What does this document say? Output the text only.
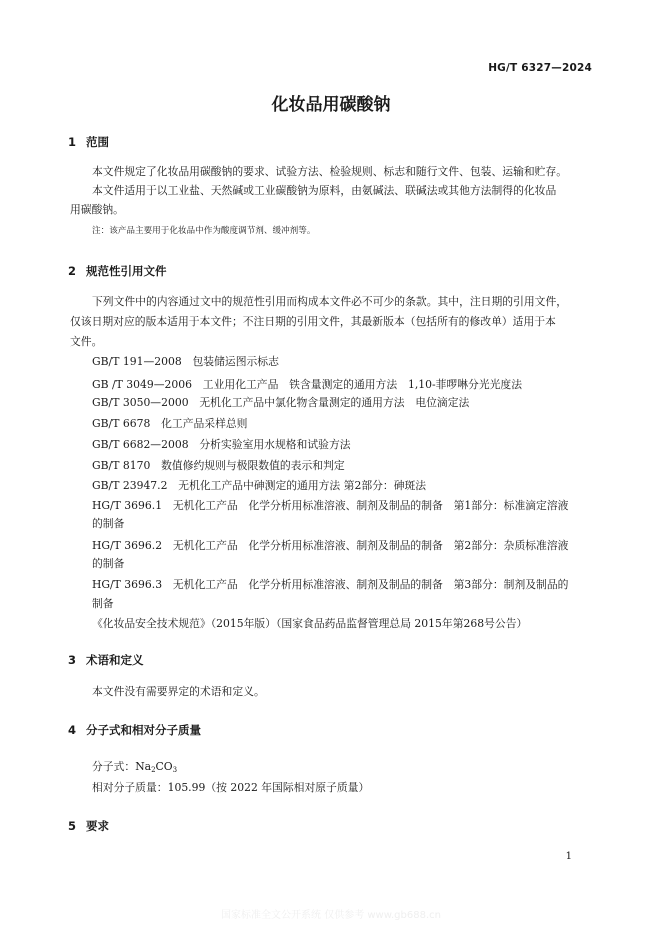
HG/T 6327—2024
化妆品用碳酸钠
1 范围
本文件规定了化妆品用碳酸钠的要求、试验方法、检验规则、标志和随行文件、包装、运输和贮存。
本文件适用于以工业盐、天然碱或工业碳酸钠为原料，由氨碱法、联碱法或其他方法制得的化妆品
用碳酸钠。
注：该产品主要用于化妆品中作为酸度调节剂、缓冲剂等。
2 规范性引用文件
下列文件中的内容通过文中的规范性引用而构成本文件必不可少的条款。其中，注日期的引用文件，
仅该日期对应的版本适用于本文件；不注日期的引用文件，其最新版本（包括所有的修改单）适用于本
文件。
GB/T 191—2008　包装储运图示标志
GB /T 3049—2006　工业用化工产品　铁含量测定的通用方法　1,10-菲啰啉分光光度法
GB/T 3050—2000　无机化工产品中氯化物含量测定的通用方法　电位滴定法
GB/T 6678　化工产品采样总则
GB/T 6682—2008　分析实验室用水规格和试验方法
GB/T 8170　数值修约规则与极限数值的表示和判定
GB/T 23947.2　无机化工产品中砷测定的通用方法 第2部分：砷斑法
HG/T 3696.1　无机化工产品　化学分析用标准溶液、制剂及制品的制备　第1部分：标准滴定溶液
的制备
HG/T 3696.2　无机化工产品　化学分析用标准溶液、制剂及制品的制备　第2部分：杂质标准溶液
的制备
HG/T 3696.3　无机化工产品　化学分析用标准溶液、制剂及制品的制备　第3部分：制剂及制品的
制备
《化妆品安全技术规范》（2015年版）（国家食品药品监督管理总局 2015年第268号公告）
3 术语和定义
本文件没有需要界定的术语和定义。
4 分子式和相对分子质量
分子式：$Na_2CO_3$
相对分子质量：105.99（按 2022 年国际相对原子质量）
5 要求
1
国家标准全文公开系统 仅供参考 www.gb688.cn
